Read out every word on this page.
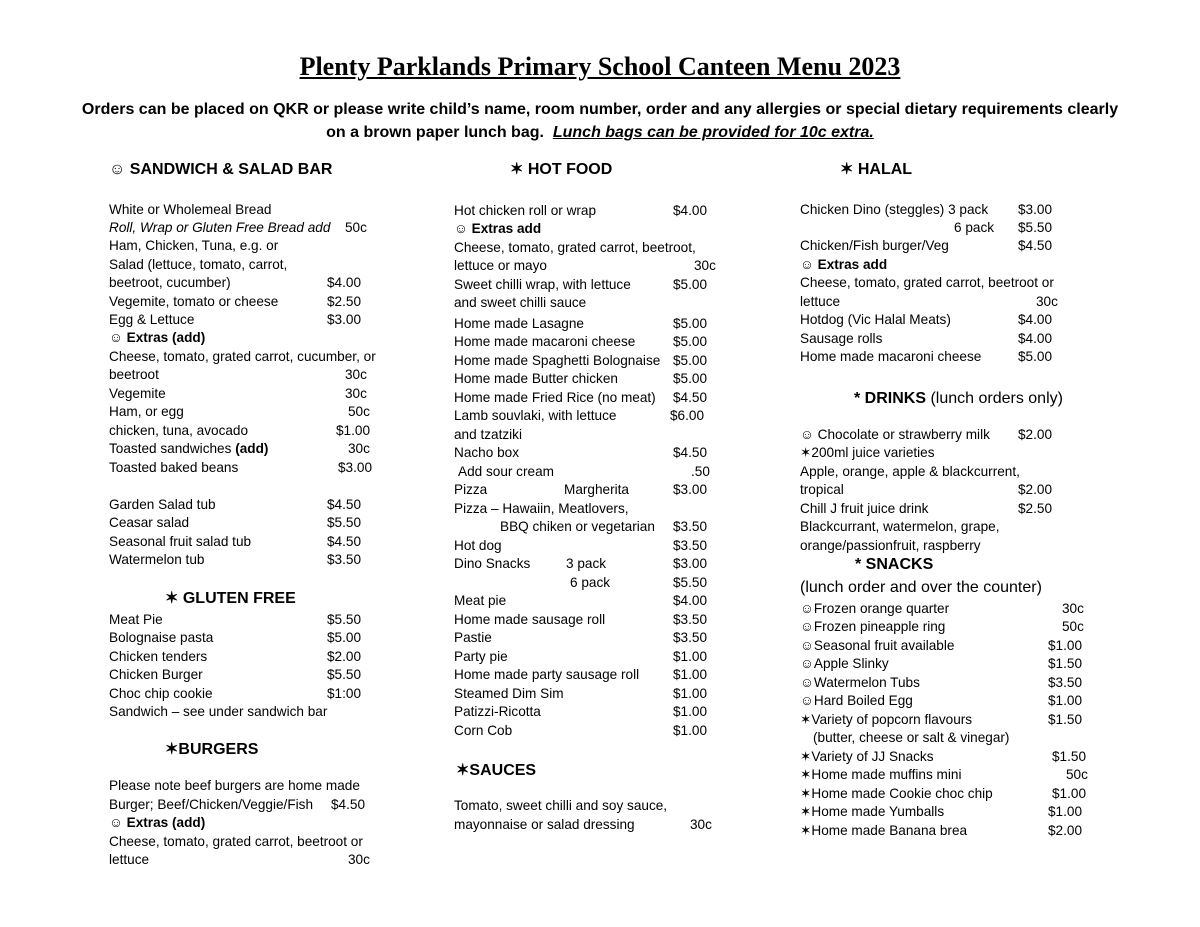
Plenty Parklands Primary School Canteen Menu 2023
Orders can be placed on QKR or please write child’s name, room number, order and any allergies or special dietary requirements clearly
on a brown paper lunch bag. Lunch bags can be provided for 10c extra.
☺ SANDWICH & SALAD BAR
White or Wholemeal Bread
Roll, Wrap or Gluten Free Bread add 50c
Ham, Chicken, Tuna, e.g. or
Salad (lettuce, tomato, carrot,
beetroot, cucumber)	$4.00
Vegemite, tomato or cheese	$2.50
Egg & Lettuce	$3.00
☺ Extras (add)
Cheese, tomato, grated carrot, cucumber, or
beetroot	30c
Vegemite	30c
Ham, or egg	50c
chicken, tuna, avocado	$1.00
Toasted sandwiches (add)	30c
Toasted baked beans	$3.00
Garden Salad tub	$4.50
Ceasar salad	$5.50
Seasonal fruit salad tub	$4.50
Watermelon tub	$3.50
✶ GLUTEN FREE
Meat Pie	$5.50
Bolognaise pasta	$5.00
Chicken tenders	$2.00
Chicken Burger	$5.50
Choc chip cookie	$1:00
Sandwich – see under sandwich bar
✶BURGERS
Please note beef burgers are home made
Burger; Beef/Chicken/Veggie/Fish $4.50
☺ Extras (add)
Cheese, tomato, grated carrot, beetroot or
lettuce	30c
✶ HOT FOOD
Hot chicken roll or wrap	$4.00
☺ Extras add
Cheese, tomato, grated carrot, beetroot,
lettuce or mayo	30c
Sweet chilli wrap, with lettuce	$5.00
and sweet chilli sauce
Home made Lasagne	$5.00
Home made macaroni cheese	$5.00
Home made Spaghetti Bolognaise $5.00
Home made Butter chicken	$5.00
Home made Fried Rice (no meat) $4.50
Lamb souvlaki, with lettuce	$6.00
and tzatziki
Nacho box	$4.50
Add sour cream	.50
Pizza	Margherita	$3.00
Pizza – Hawaiin, Meatlovers,
BBQ chiken or vegetarian $3.50
Hot dog	$3.50
Dino Snacks	3 pack	$3.00
6 pack	$5.50
Meat pie	$4.00
Home made sausage roll	$3.50
Pastie	$3.50
Party pie	$1.00
Home made party sausage roll $1.00
Steamed Dim Sim	$1.00
Patizzi-Ricotta	$1.00
Corn Cob	$1.00
✶SAUCES
Tomato, sweet chilli and soy sauce,
mayonnaise or salad dressing	30c
✶ HALAL
Chicken Dino (steggles) 3 pack $3.00
6 pack $5.50
Chicken/Fish burger/Veg	$4.50
☺ Extras add
Cheese, tomato, grated carrot, beetroot or
lettuce	30c
Hotdog (Vic Halal Meats)	$4.00
Sausage rolls	$4.00
Home made macaroni cheese	$5.00
* DRINKS (lunch orders only)
☺ Chocolate or strawberry milk $2.00
✶200ml juice varieties
Apple, orange, apple & blackcurrent,
tropical	$2.00
Chill J fruit juice drink	$2.50
Blackcurrant, watermelon, grape,
orange/passionfruit, raspberry
* SNACKS
(lunch order and over the counter)
☺Frozen orange quarter	30c
☺Frozen pineapple ring	50c
☺Seasonal fruit available	$1.00
☺Apple Slinky	$1.50
☺Watermelon Tubs	$3.50
☺Hard Boiled Egg	$1.00
✶Variety of popcorn flavours	$1.50
(butter, cheese or salt & vinegar)
✶Variety of JJ Snacks	$1.50
✶Home made muffins mini	50c
✶Home made Cookie choc chip	$1.00
✶Home made Yumballs	$1.00
✶Home made Banana brea	$2.00
